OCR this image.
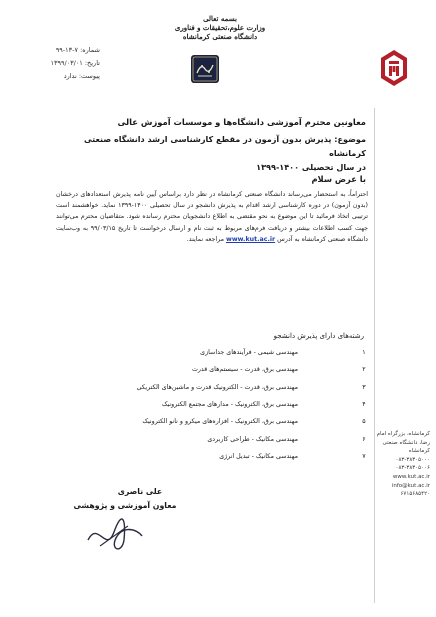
بسمه تعالی
وزارت علوم،تحقیقات و فناوری
دانشگاه صنعتی کرمانشاه
شماره: ۷-۱۳-۹۹
تاریخ: ۱۳۹۹/۰۳/۰۱
پیوست: ندارد
معاونین محترم آموزشی دانشگاه‌ها و موسسات آموزش عالی
موضوع: پذیرش بدون آزمون در مقطع کارشناسی ارشد دانشگاه صنعتی کرمانشاه
در سال تحصیلی ۱۴۰۰-۱۳۹۹
با عرض سلام
احتراماً، به استحضار می‌رساند دانشگاه صنعتی کرمانشاه در نظر دارد براساس آیین نامه پذیرش استعدادهای درخشان (بدون آزمون) در دوره کارشناسی ارشد اقدام به پذیرش دانشجو در سال تحصیلی ۱۴۰۰-۱۳۹۹ نماید. خواهشمند است ترتیبی اتخاذ فرمائید تا این موضوع به نحو مقتضی به اطلاع دانشجویان محترم رسانده شود. متقاضیان محترم می‌توانند جهت کسب اطلاعات بیشتر و دریافت فرم‌های مربوط به ثبت نام و ارسال درخواست تا تاریخ ۹۹/۰۳/۱۵ به وب‌سایت دانشگاه صنعتی کرمانشاه به آدرس www.kut.ac.ir مراجعه نمایند.
رشته‌های دارای پذیرش دانشجو
۱
مهندسی شیمی - فرآیندهای جداسازی
۲
مهندسی برق، قدرت - سیستم‌های قدرت
۳
مهندسی برق، قدرت - الکترونیک قدرت و ماشین‌های الکتریکی
۴
مهندسی برق، الکترونیک - مدارهای مجتمع الکترونیک
۵
مهندسی برق، الکترونیک - افزاره‌های میکرو و نانو الکترونیک
۶
مهندسی مکانیک - طراحی کاربردی
۷
مهندسی مکانیک - تبدیل انرژی
علی ناصری
معاون آموزشی و پژوهشی
کرمانشاه، بزرگراه امام رضا، دانشگاه صنعتی کرمانشاه
۰۸۳-۳۸۳۰۵۰۰۰
۰۸۳-۳۸۳۰۵۰۰۶
www.kut.ac.ir
info@kut.ac.ir
۶۷۱۵۶۸۵۴۲۰
